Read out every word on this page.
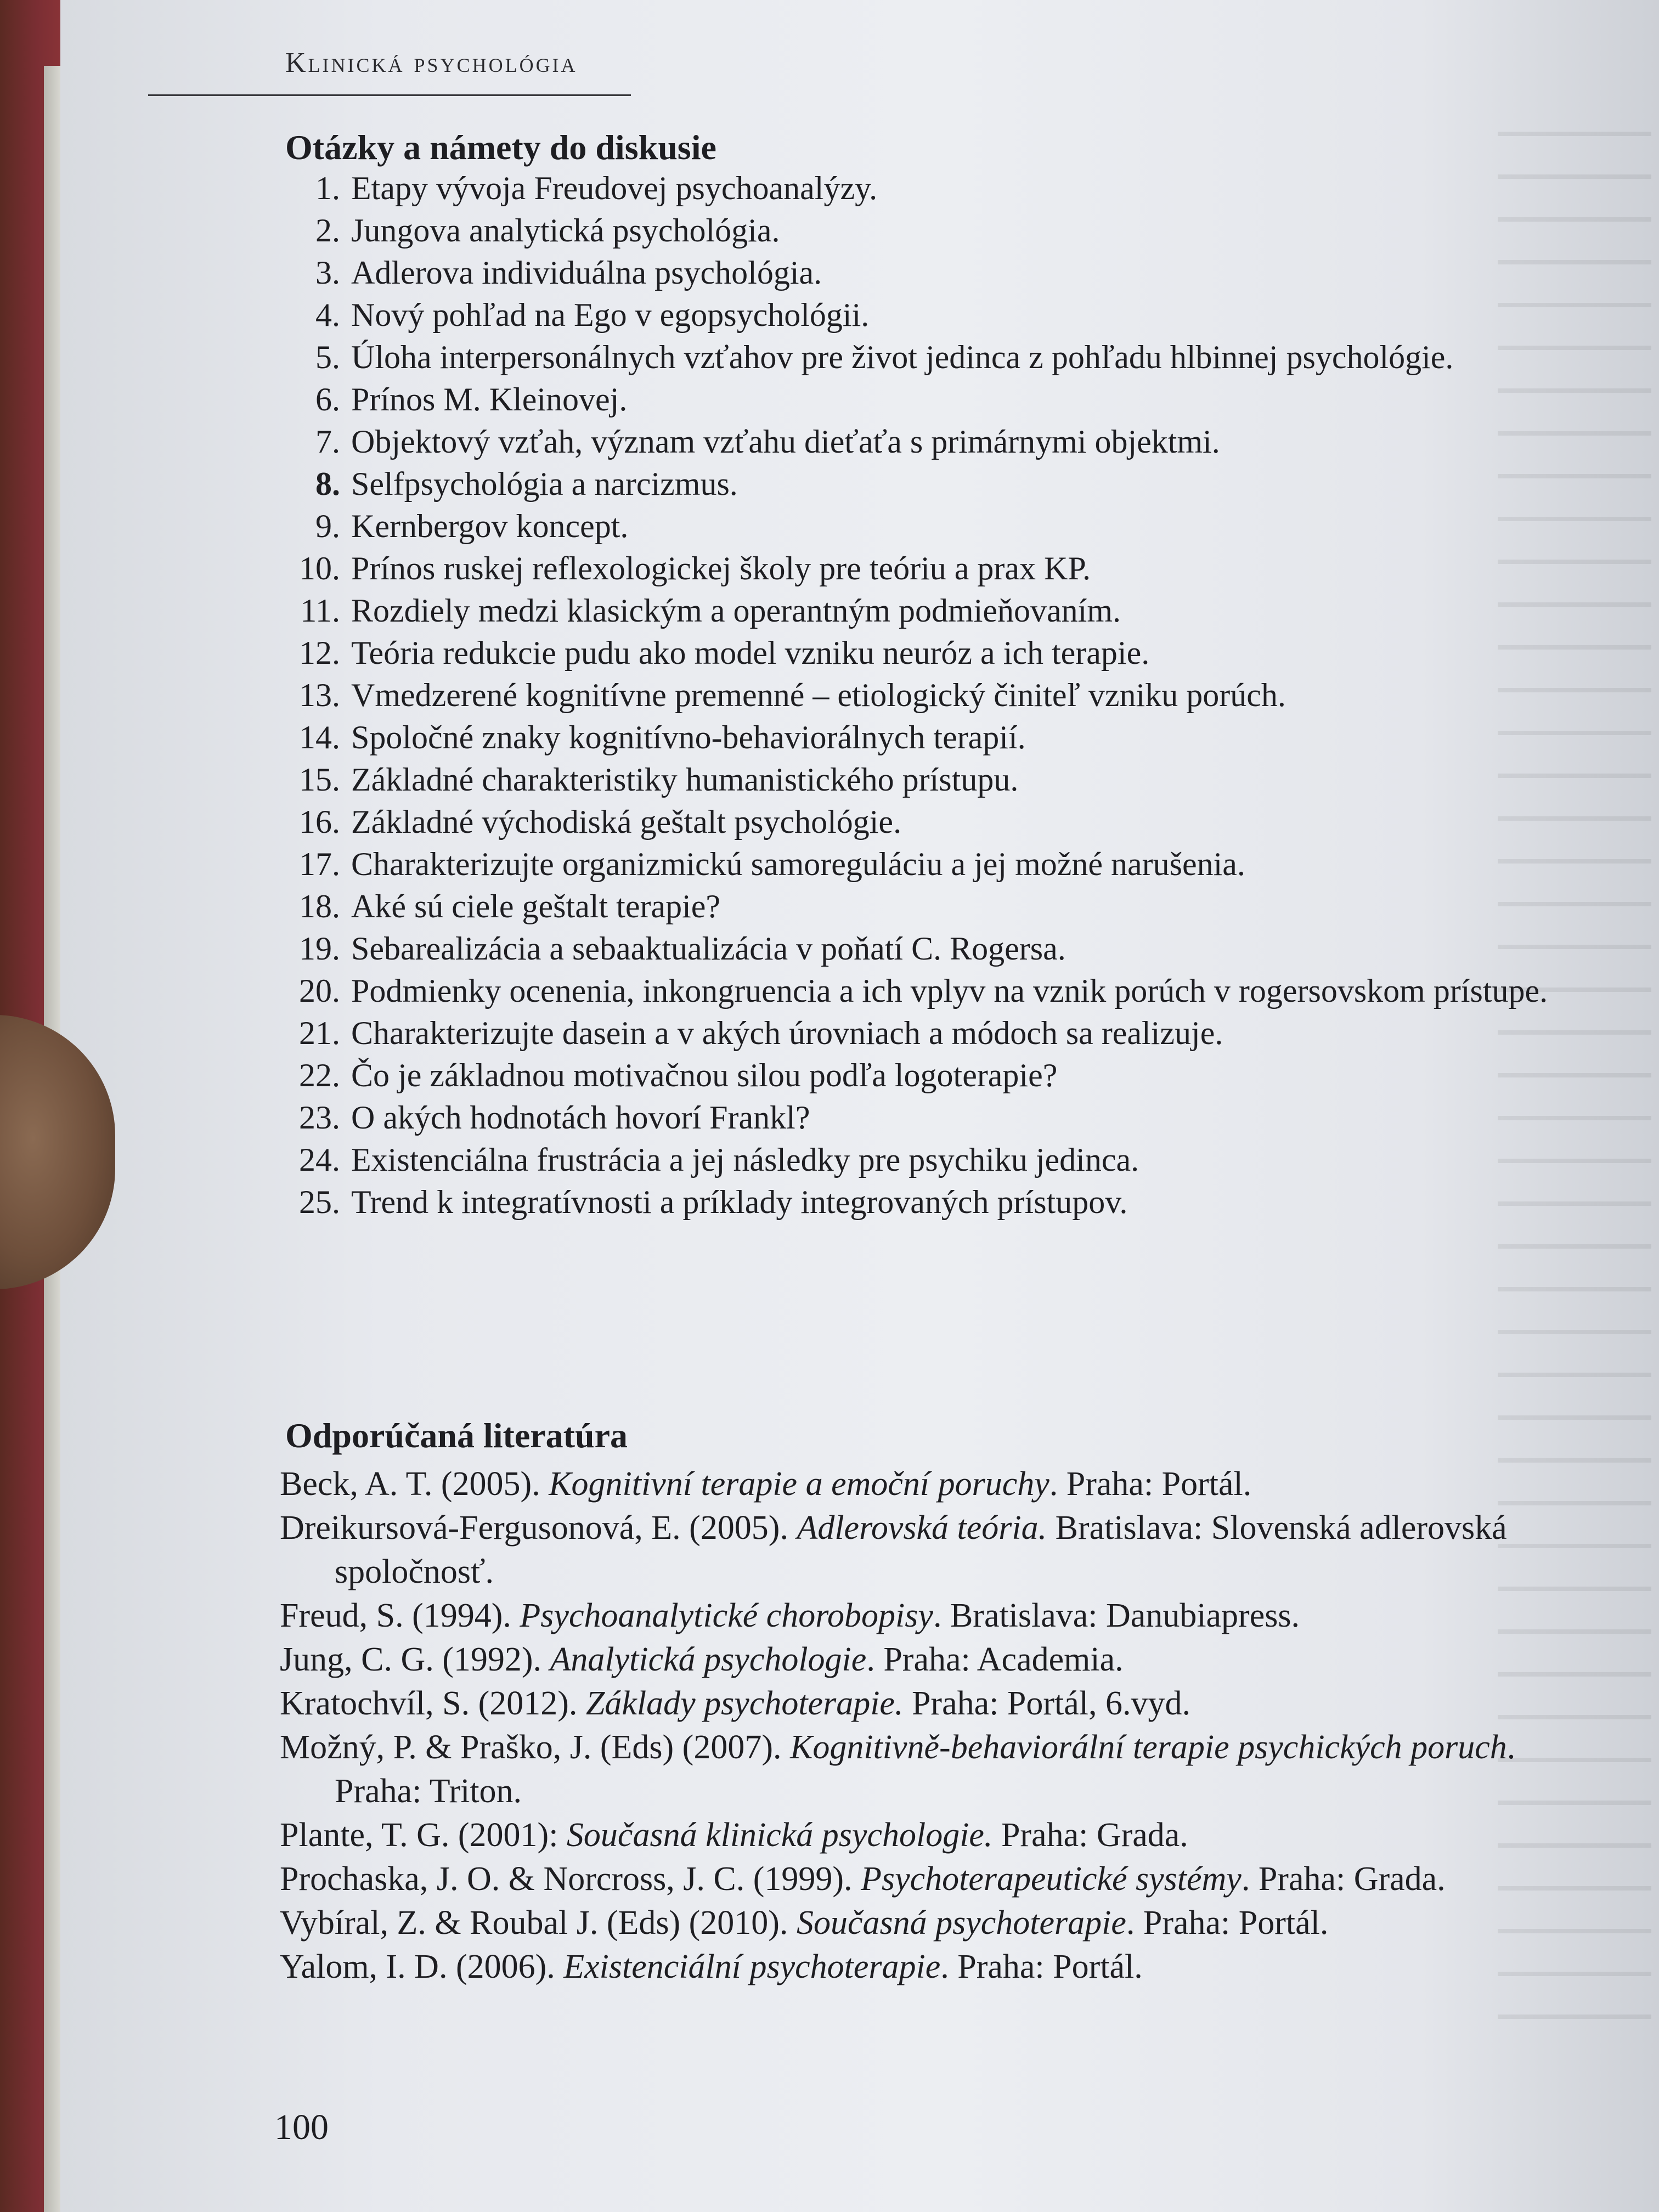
Klinická psychológia
Otázky a námety do diskusie
1. Etapy vývoja Freudovej psychoanalýzy.
2. Jungova analytická psychológia.
3. Adlerova individuálna psychológia.
4. Nový pohľad na Ego v egopsychológii.
5. Úloha interpersonálnych vzťahov pre život jedinca z pohľadu hlbinnej psychológie.
6. Prínos M. Kleinovej.
7. Objektový vzťah, význam vzťahu dieťaťa s primárnymi objektmi.
8. Selfpsychológia a narcizmus.
9. Kernbergov koncept.
10. Prínos ruskej reflexologickej školy pre teóriu a prax KP.
11. Rozdiely medzi klasickým a operantným podmieňovaním.
12. Teória redukcie pudu ako model vzniku neuróz a ich terapie.
13. Vmedzerené kognitívne premenné – etiologický činiteľ vzniku porúch.
14. Spoločné znaky kognitívno-behaviorálnych terapií.
15. Základné charakteristiky humanistického prístupu.
16. Základné východiská geštalt psychológie.
17. Charakterizujte organizmickú samoreguláciu a jej možné narušenia.
18. Aké sú ciele geštalt terapie?
19. Sebarealizácia a sebaaktualizácia v poňatí C. Rogersa.
20. Podmienky ocenenia, inkongruencia a ich vplyv na vznik porúch v rogersovskom prístupe.
21. Charakterizujte dasein a v akých úrovniach a módoch sa realizuje.
22. Čo je základnou motivačnou silou podľa logoterapie?
23. O akých hodnotách hovorí Frankl?
24. Existenciálna frustrácia a jej následky pre psychiku jedinca.
25. Trend k integratívnosti a príklady integrovaných prístupov.
Odporúčaná literatúra
Beck, A. T. (2005). Kognitivní terapie a emoční poruchy. Praha: Portál.
Dreikursová-Fergusonová, E. (2005). Adlerovská teória. Bratislava: Slovenská adlerovská spoločnosť.
Freud, S. (1994). Psychoanalytické chorobopisy. Bratislava: Danubiapress.
Jung, C. G. (1992). Analytická psychologie. Praha: Academia.
Kratochvíl, S. (2012). Základy psychoterapie. Praha: Portál, 6.vyd.
Možný, P. & Praško, J. (Eds) (2007). Kognitivně-behaviorální terapie psychických poruch. Praha: Triton.
Plante, T. G. (2001): Současná klinická psychologie. Praha: Grada.
Prochaska, J. O. & Norcross, J. C. (1999). Psychoterapeutické systémy. Praha: Grada.
Vybíral, Z. & Roubal J. (Eds) (2010). Současná psychoterapie. Praha: Portál.
Yalom, I. D. (2006). Existenciální psychoterapie. Praha: Portál.
100
